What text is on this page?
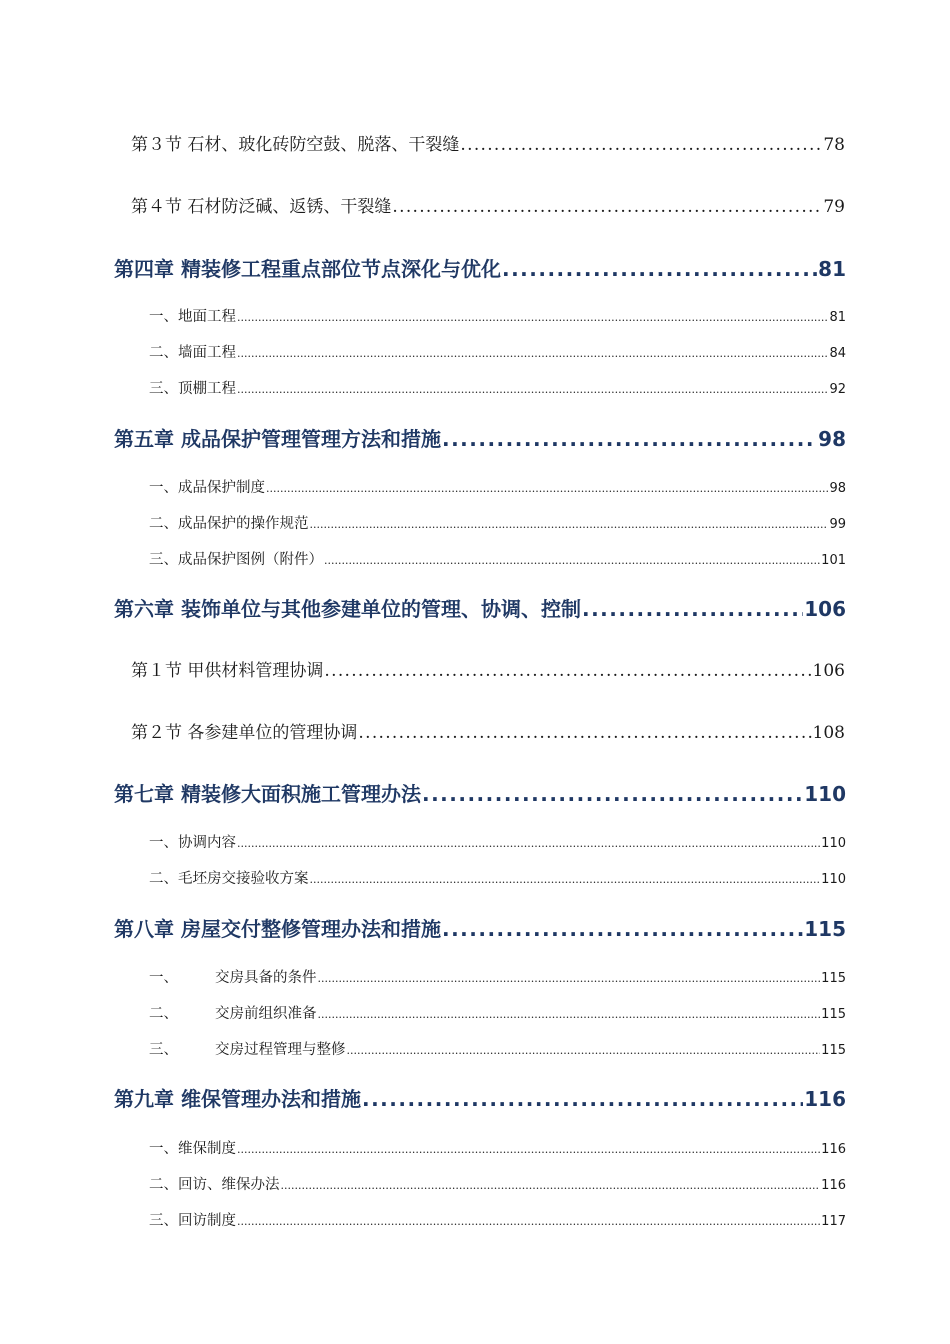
第３节 石材、玻化砖防空鼓、脱落、干裂缝 .....	78
第４节 石材防泛碱、返锈、干裂缝 .....	79
第四章 精装修工程重点部位节点深化与优化 .....	81
一、地面工程 .....	81
二、墙面工程 .....	84
三、顶棚工程 .....	92
第五章 成品保护管理管理方法和措施 .....	98
一、成品保护制度 .....	98
二、成品保护的操作规范 .....	99
三、成品保护图例（附件） .....	101
第六章 装饰单位与其他参建单位的管理、协调、控制 .....	106
第１节 甲供材料管理协调 .....	106
第２节 各参建单位的管理协调 .....	108
第七章 精装修大面积施工管理办法 .....	110
一、协调内容 .....	110
二、毛坯房交接验收方案 .....	110
第八章 房屋交付整修管理办法和措施 .....	115
一、	交房具备的条件 .....	115
二、	交房前组织准备 .....	115
三、	交房过程管理与整修 .....	115
第九章 维保管理办法和措施 .....	116
一、维保制度 .....	116
二、回访、维保办法 .....	116
三、回访制度 .....	117
